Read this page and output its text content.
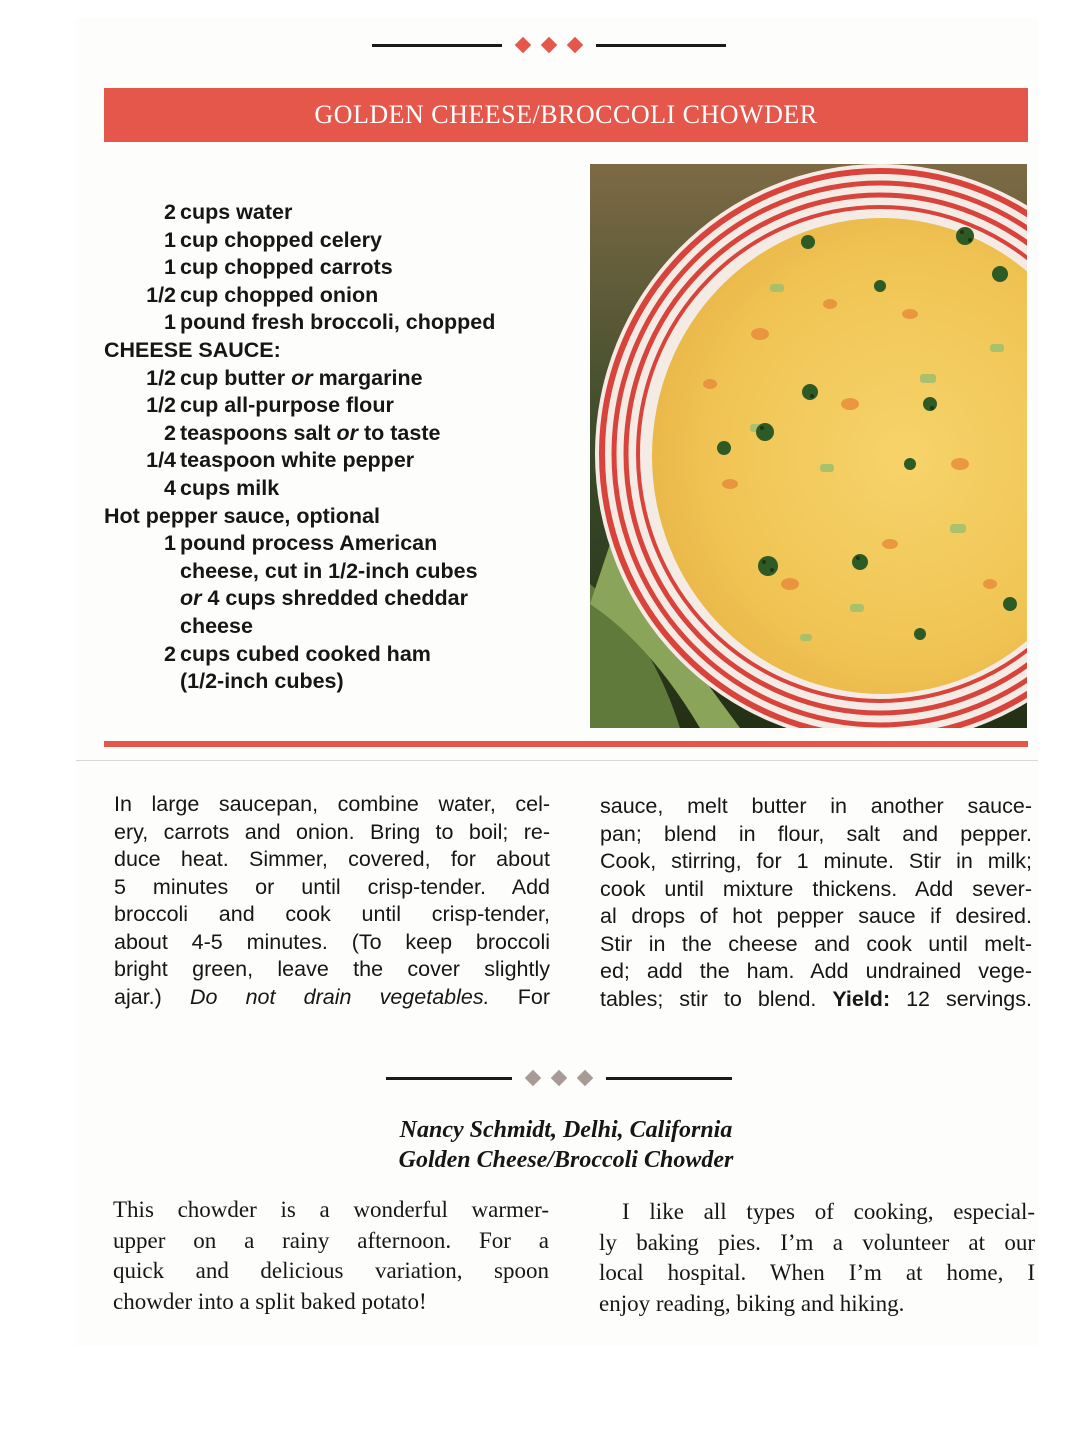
GOLDEN CHEESE/BROCCOLI CHOWDER
2 cups water
1 cup chopped celery
1 cup chopped carrots
1/2 cup chopped onion
1 pound fresh broccoli, chopped
CHEESE SAUCE:
1/2 cup butter or margarine
1/2 cup all-purpose flour
2 teaspoons salt or to taste
1/4 teaspoon white pepper
4 cups milk
Hot pepper sauce, optional
1 pound process American
cheese, cut in 1/2-inch cubes
or 4 cups shredded cheddar
cheese
2 cups cubed cooked ham
(1/2-inch cubes)
In large saucepan, combine water, cel-
ery, carrots and onion. Bring to boil; re-
duce heat. Simmer, covered, for about
5 minutes or until crisp-tender. Add
broccoli and cook until crisp-tender,
about 4-5 minutes. (To keep broccoli
bright green, leave the cover slightly
ajar.) Do not drain vegetables. For
sauce, melt butter in another sauce-
pan; blend in flour, salt and pepper.
Cook, stirring, for 1 minute. Stir in milk;
cook until mixture thickens. Add sever-
al drops of hot pepper sauce if desired.
Stir in the cheese and cook until melt-
ed; add the ham. Add undrained vege-
tables; stir to blend. Yield: 12 servings.
Nancy Schmidt, Delhi, California
Golden Cheese/Broccoli Chowder
This chowder is a wonderful warmer-
upper on a rainy afternoon. For a
quick and delicious variation, spoon
chowder into a split baked potato!
 I like all types of cooking, especial-
ly baking pies. I’m a volunteer at our
local hospital. When I’m at home, I
enjoy reading, biking and hiking.
